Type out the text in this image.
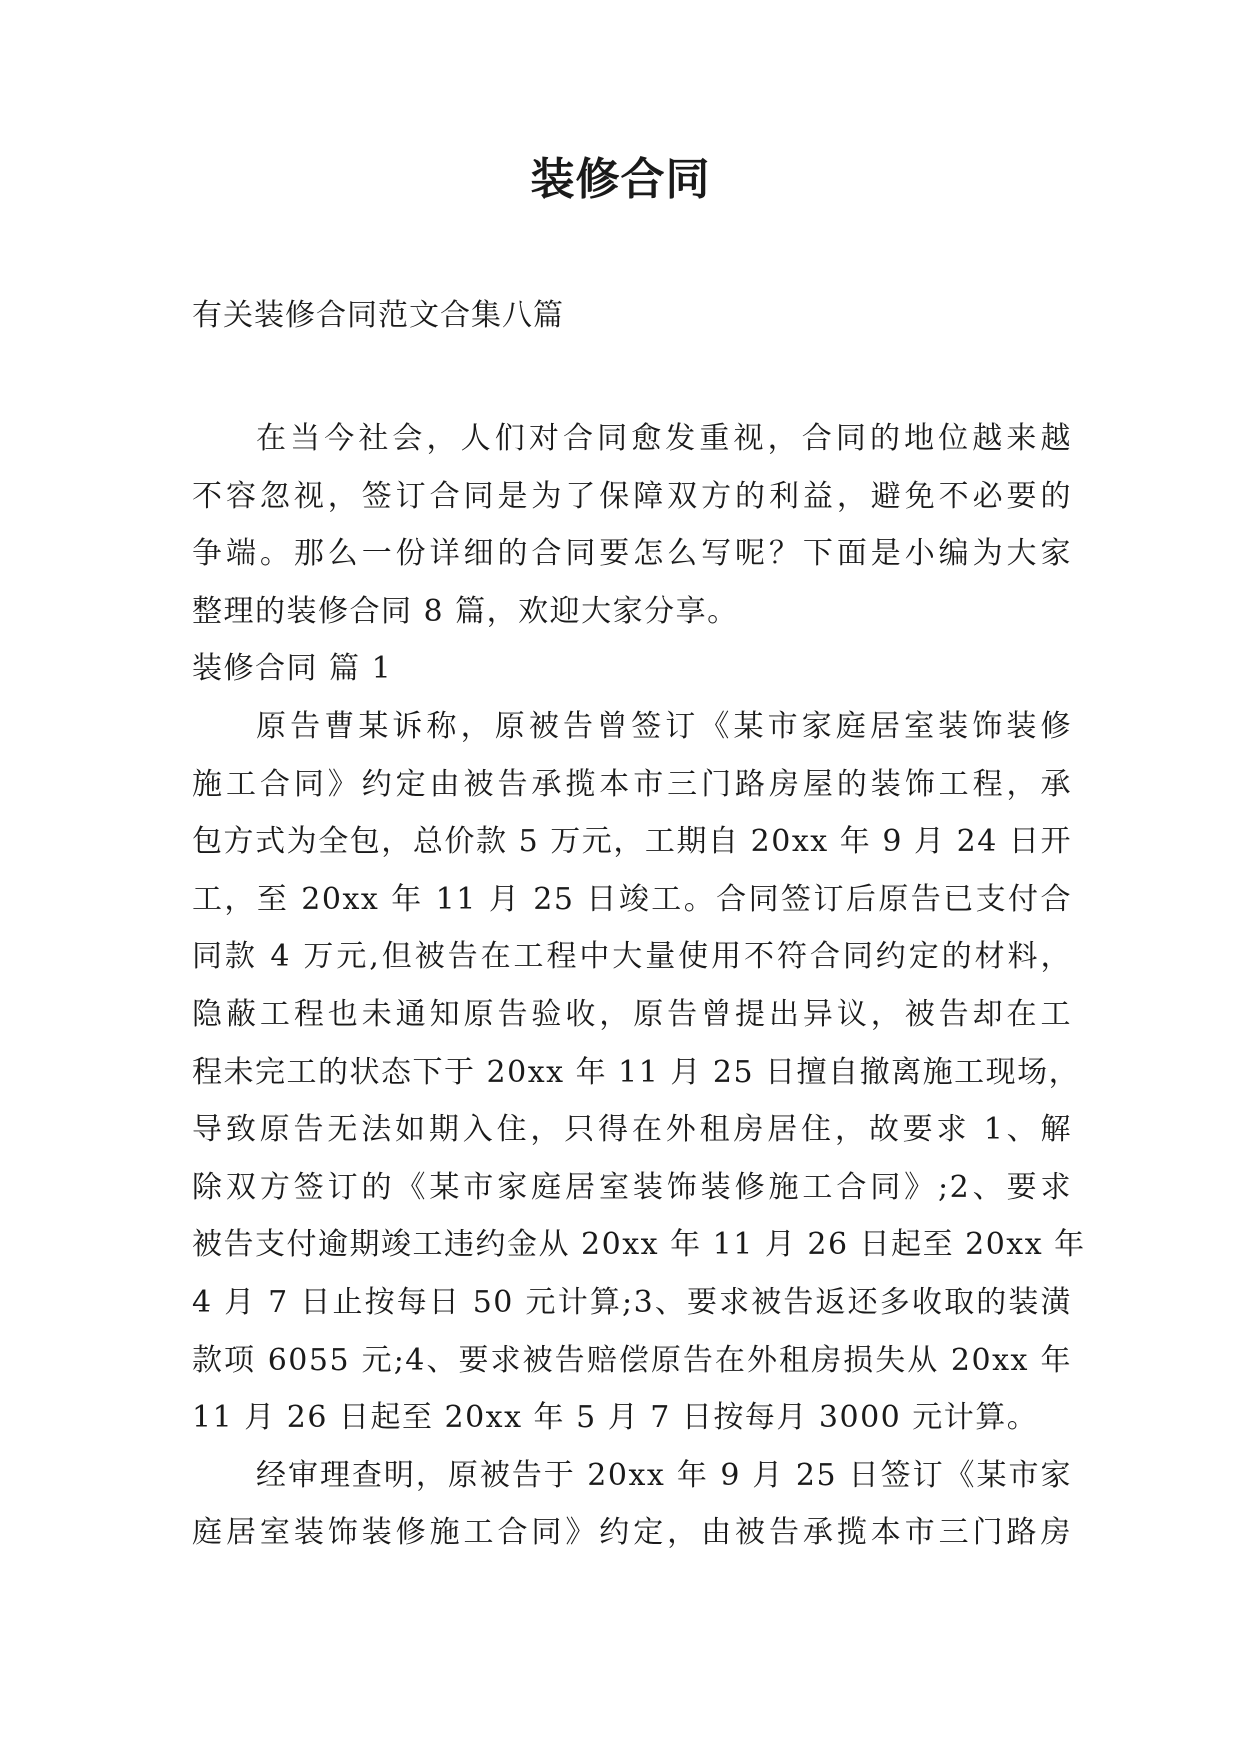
装修合同
有关装修合同范文合集八篇
在当今社会，人们对合同愈发重视，合同的地位越来越
不容忽视，签订合同是为了保障双方的利益，避免不必要的
争端。那么一份详细的合同要怎么写呢？下面是小编为大家
整理的装修合同 8 篇，欢迎大家分享。
装修合同 篇 1
原告曹某诉称，原被告曾签订《某市家庭居室装饰装修
施工合同》约定由被告承揽本市三门路房屋的装饰工程，承
包方式为全包，总价款 5 万元，工期自 20xx 年 9 月 24 日开
工，至 20xx 年 11 月 25 日竣工。合同签订后原告已支付合
同款 4 万元,但被告在工程中大量使用不符合同约定的材料，
隐蔽工程也未通知原告验收，原告曾提出异议，被告却在工
程未完工的状态下于 20xx 年 11 月 25 日擅自撤离施工现场，
导致原告无法如期入住，只得在外租房居住，故要求 1、解
除双方签订的《某市家庭居室装饰装修施工合同》;2、要求
被告支付逾期竣工违约金从 20xx 年 11 月 26 日起至 20xx 年
4 月 7 日止按每日 50 元计算;3、要求被告返还多收取的装潢
款项 6055 元;4、要求被告赔偿原告在外租房损失从 20xx 年
11 月 26 日起至 20xx 年 5 月 7 日按每月 3000 元计算。
经审理查明，原被告于 20xx 年 9 月 25 日签订《某市家
庭居室装饰装修施工合同》约定，由被告承揽本市三门路房
